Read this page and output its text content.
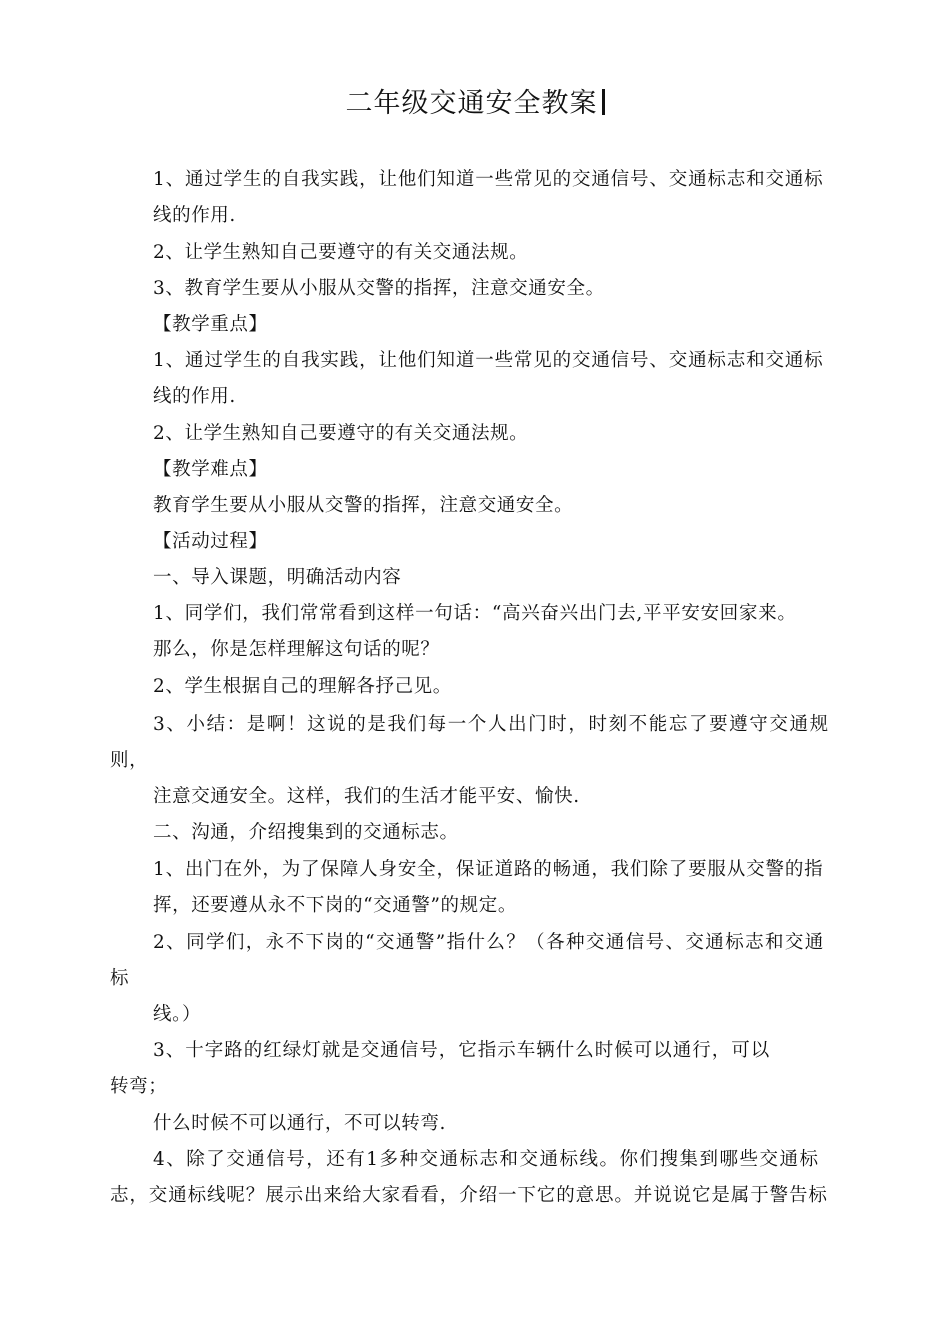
二年级交通安全教案
1、通过学生的自我实践，让他们知道一些常见的交通信号、交通标志和交通标
线的作用.
2、让学生熟知自己要遵守的有关交通法规。
3、教育学生要从小服从交警的指挥，注意交通安全。
【教学重点】
1、通过学生的自我实践，让他们知道一些常见的交通信号、交通标志和交通标
线的作用.
2、让学生熟知自己要遵守的有关交通法规。
【教学难点】
教育学生要从小服从交警的指挥，注意交通安全。
【活动过程】
一、导入课题，明确活动内容
1、同学们，我们常常看到这样一句话：“高兴奋兴出门去,平平安安回家来。
那么，你是怎样理解这句话的呢？
2、学生根据自己的理解各抒己见。
3、小结：是啊！这说的是我们每一个人出门时，时刻不能忘了要遵守交通规
则，
注意交通安全。这样，我们的生活才能平安、愉快.
二、沟通，介绍搜集到的交通标志。
1、出门在外，为了保障人身安全，保证道路的畅通，我们除了要服从交警的指
挥，还要遵从永不下岗的“交通警”的规定。
2、同学们，永不下岗的“交通警”指什么？（各种交通信号、交通标志和交通
标
线。）
3、十字路的红绿灯就是交通信号，它指示车辆什么时候可以通行，可以
转弯；
什么时候不可以通行，不可以转弯.
4、除了交通信号，还有1多种交通标志和交通标线。你们搜集到哪些交通标
志，交通标线呢？展示出来给大家看看，介绍一下它的意思。并说说它是属于警告标
